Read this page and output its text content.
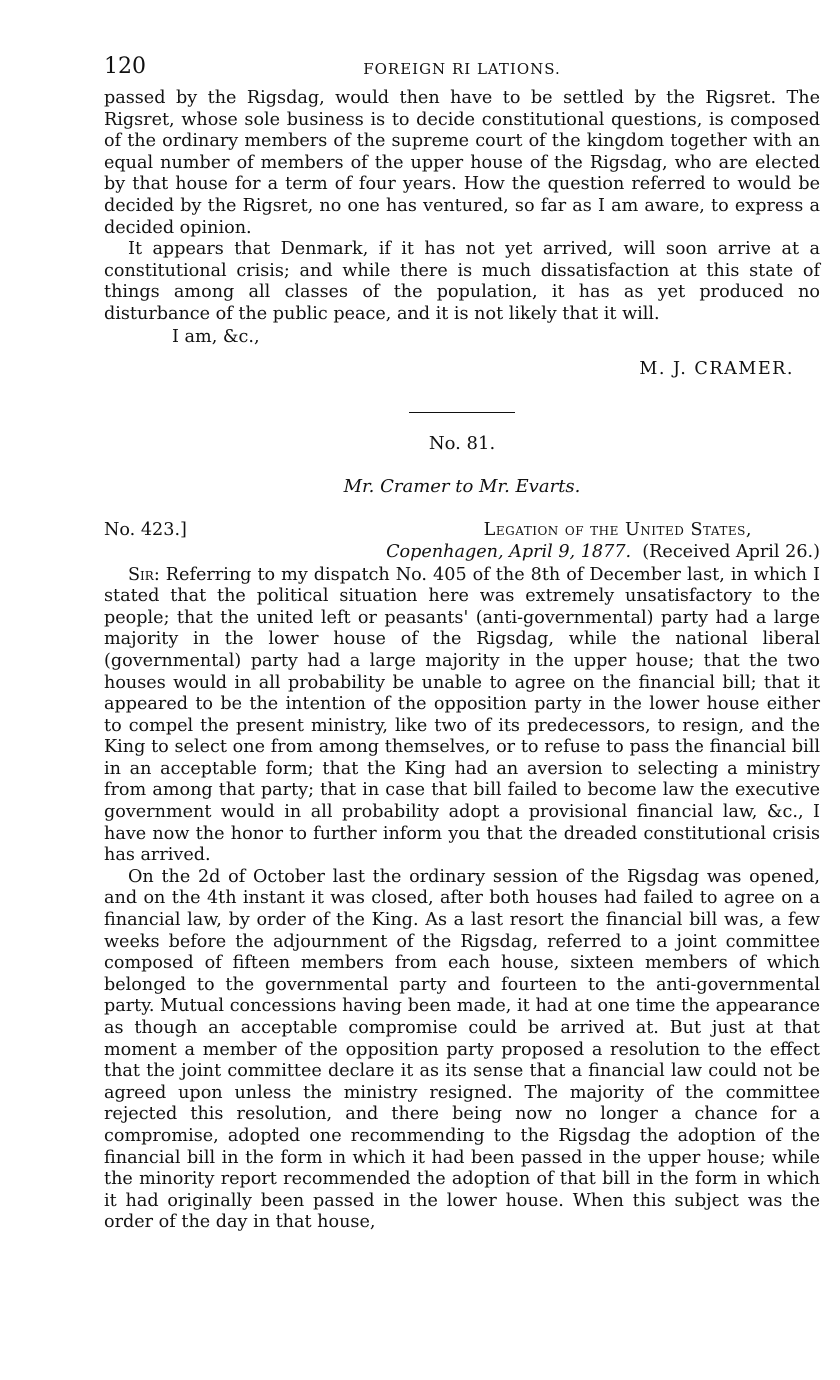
120	FOREIGN RI LATIONS.

passed by the Rigsdag, would then have to be settled by the Rigsret. The Rigsret, whose sole business is to decide constitutional questions, is composed of the ordinary members of the supreme court of the kingdom together with an equal number of members of the upper house of the Rigsdag, who are elected by that house for a term of four years. How the question referred to would be decided by the Rigsret, no one has ventured, so far as I am aware, to express a decided opinion.

It appears that Denmark, if it has not yet arrived, will soon arrive at a constitutional crisis; and while there is much dissatisfaction at this state of things among all classes of the population, it has as yet produced no disturbance of the public peace, and it is not likely that it will.

I am, &c.,
M. J. CRAMER.
No. 81.
Mr. Cramer to Mr. Evarts.
No. 423.]	Legation of the United States,
Copenhagen, April 9, 1877. (Received April 26.)

Sir: Referring to my dispatch No. 405 of the 8th of December last, in which I stated that the political situation here was extremely unsatisfactory to the people; that the united left or peasants' (anti-governmental) party had a large majority in the lower house of the Rigsdag, while the national liberal (governmental) party had a large majority in the upper house; that the two houses would in all probability be unable to agree on the financial bill; that it appeared to be the intention of the opposition party in the lower house either to compel the present ministry, like two of its predecessors, to resign, and the King to select one from among themselves, or to refuse to pass the financial bill in an acceptable form; that the King had an aversion to selecting a ministry from among that party; that in case that bill failed to become law the executive government would in all probability adopt a provisional financial law, &c., I have now the honor to further inform you that the dreaded constitutional crisis has arrived.

On the 2d of October last the ordinary session of the Rigsdag was opened, and on the 4th instant it was closed, after both houses had failed to agree on a financial law, by order of the King. As a last resort the financial bill was, a few weeks before the adjournment of the Rigsdag, referred to a joint committee composed of fifteen members from each house, sixteen members of which belonged to the governmental party and fourteen to the anti-governmental party. Mutual concessions having been made, it had at one time the appearance as though an acceptable compromise could be arrived at. But just at that moment a member of the opposition party proposed a resolution to the effect that the joint committee declare it as its sense that a financial law could not be agreed upon unless the ministry resigned. The majority of the committee rejected this resolution, and there being now no longer a chance for a compromise, adopted one recommending to the Rigsdag the adoption of the financial bill in the form in which it had been passed in the upper house; while the minority report recommended the adoption of that bill in the form in which it had originally been passed in the lower house. When this subject was the order of the day in that house,
